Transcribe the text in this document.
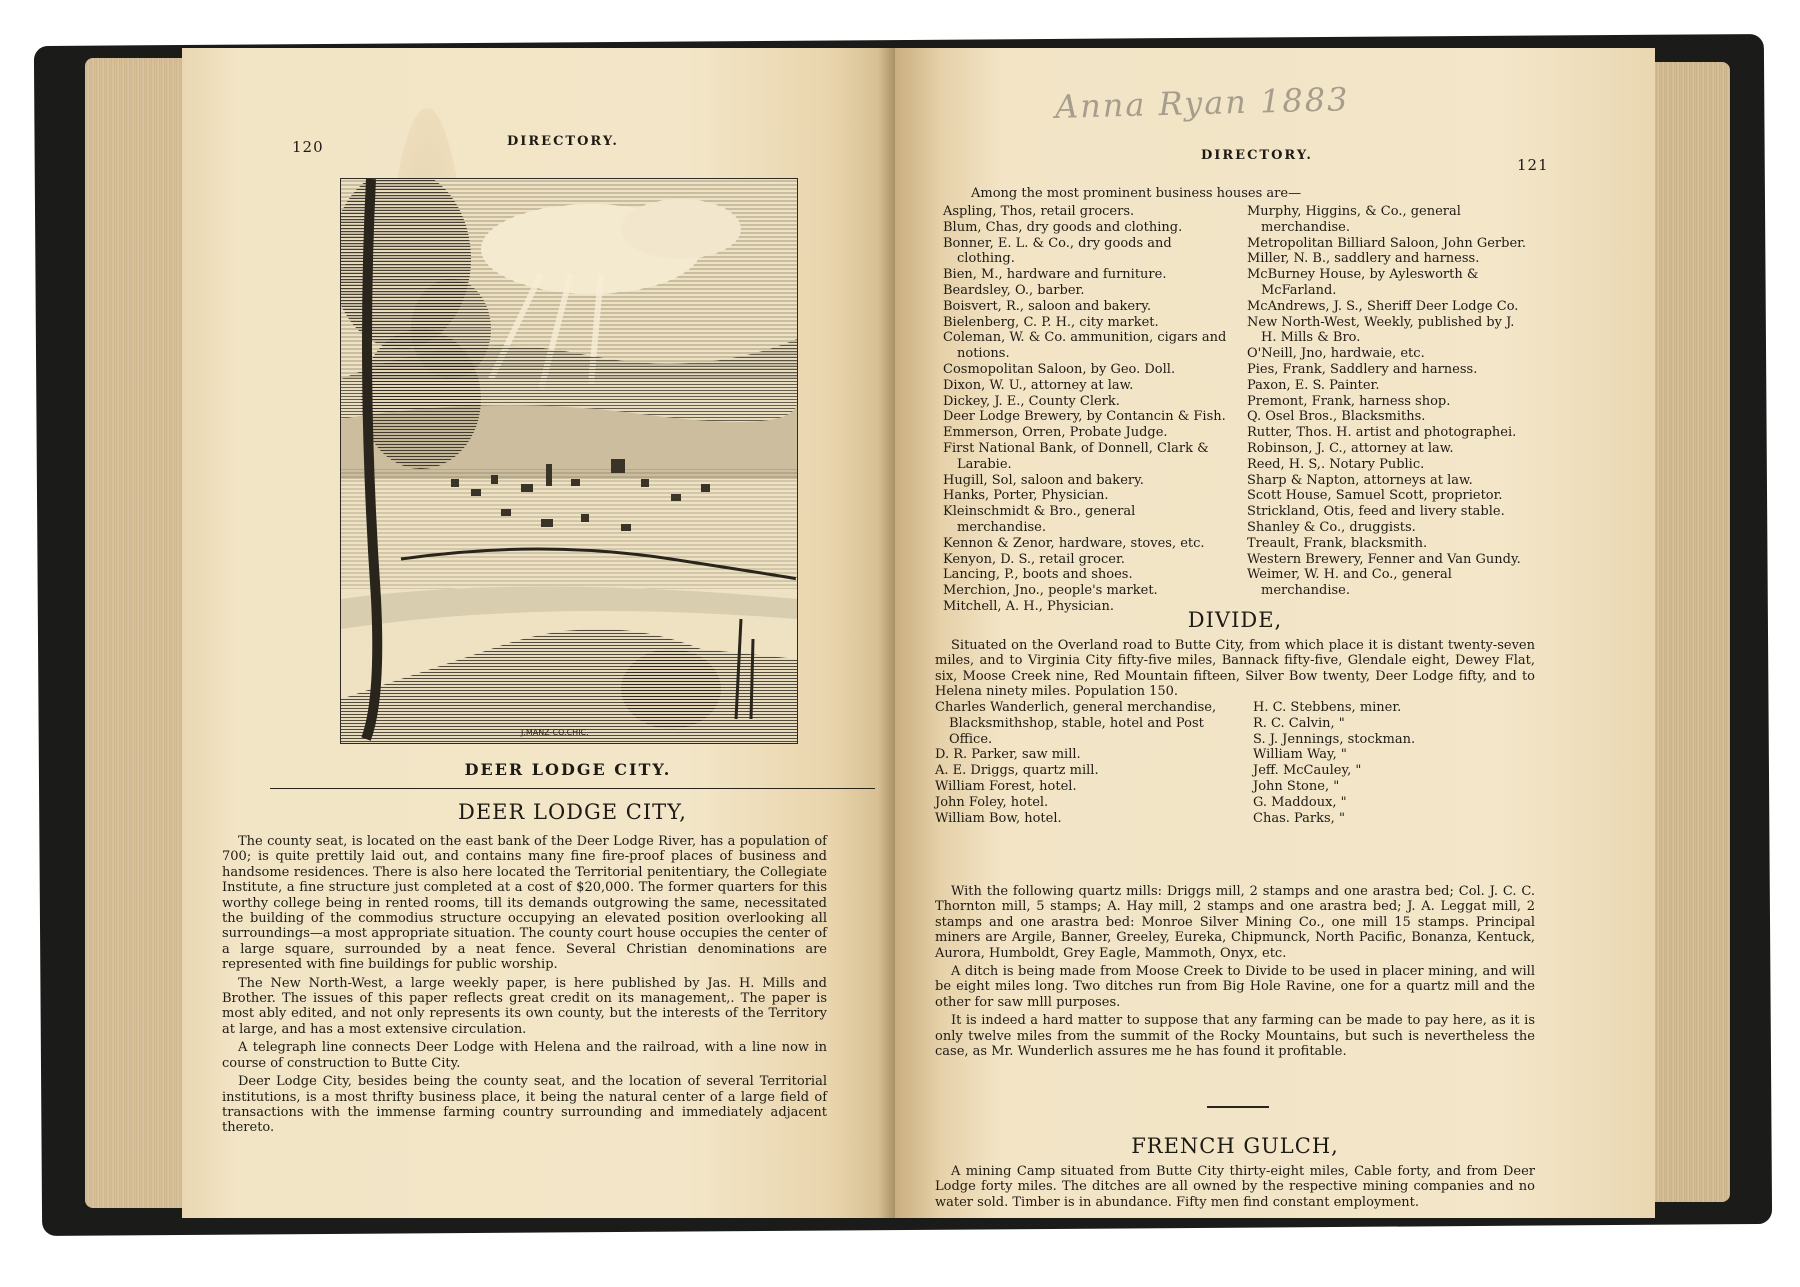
120	DIRECTORY.
J.MANZ-CO.CHIC.
DEER LODGE CITY.
DEER LODGE CITY,

The county seat, is located on the east bank of the Deer Lodge River, has a population of 700; is quite prettily laid out, and contains many fine fire-proof places of business and handsome residences. There is also here located the Territorial penitentiary, the Collegiate Institute, a fine structure just completed at a cost of $20,000. The former quarters for this worthy college being in rented rooms, till its demands outgrowing the same, necessitated the building of the commodius structure occupying an elevated position overlooking all surroundings—a most appropriate situation. The county court house occupies the center of a large square, surrounded by a neat fence. Several Christian denominations are represented with fine buildings for public worship.

The New North-West, a large weekly paper, is here published by Jas. H. Mills and Brother. The issues of this paper reflects great credit on its management,. The paper is most ably edited, and not only represents its own county, but the interests of the Territory at large, and has a most extensive circulation.

A telegraph line connects Deer Lodge with Helena and the railroad, with a line now in course of construction to Butte City.

Deer Lodge City, besides being the county seat, and the location of several Territorial institutions, is a most thrifty business place, it being the natural center of a large field of transactions with the immense farming country surrounding and immediately adjacent thereto.

Anna Ryan 1883
DIRECTORY.
121

Among the most prominent business houses are—

Aspling, Thos, retail grocers.
Blum, Chas, dry goods and clothing.
Bonner, E. L. & Co., dry goods and clothing.
Bien, M., hardware and furniture.
Beardsley, O., barber.
Boisvert, R., saloon and bakery.
Bielenberg, C. P. H., city market.
Coleman, W. & Co. ammunition, cigars and notions.
Cosmopolitan Saloon, by Geo. Doll.
Dixon, W. U., attorney at law.
Dickey, J. E., County Clerk.
Deer Lodge Brewery, by Contancin & Fish.
Emmerson, Orren, Probate Judge.
First National Bank, of Donnell, Clark & Larabie.
Hugill, Sol, saloon and bakery.
Hanks, Porter, Physician.
Kleinschmidt & Bro., general merchandise.
Kennon & Zenor, hardware, stoves, etc.
Kenyon, D. S., retail grocer.
Lancing, P., boots and shoes.
Merchion, Jno., people's market.
Mitchell, A. H., Physician.
Murphy, Higgins, & Co., general merchandise.
Metropolitan Billiard Saloon, John Gerber.
Miller, N. B., saddlery and harness.
McBurney House, by Aylesworth & McFarland.
McAndrews, J. S., Sheriff Deer Lodge Co.
New North-West, Weekly, published by J. H. Mills & Bro.
O'Neill, Jno, hardwaie, etc.
Pies, Frank, Saddlery and harness.
Paxon, E. S. Painter.
Premont, Frank, harness shop.
Q. Osel Bros., Blacksmiths.
Rutter, Thos. H. artist and photographei.
Robinson, J. C., attorney at law.
Reed, H. S,. Notary Public.
Sharp & Napton, attorneys at law.
Scott House, Samuel Scott, proprietor.
Strickland, Otis, feed and livery stable.
Shanley & Co., druggists.
Treault, Frank, blacksmith.
Western Brewery, Fenner and Van Gundy.
Weimer, W. H. and Co., general merchandise.
DIVIDE,

Situated on the Overland road to Butte City, from which place it is distant twenty-seven miles, and to Virginia City fifty-five miles, Bannack fifty-five, Glendale eight, Dewey Flat, six, Moose Creek nine, Red Mountain fifteen, Silver Bow twenty, Deer Lodge fifty, and to Helena ninety miles. Population 150.

Charles Wanderlich, general merchandise, Blacksmithshop, stable, hotel and Post Office.
D. R. Parker, saw mill.
A. E. Driggs, quartz mill.
William Forest, hotel.
John Foley, hotel.
William Bow, hotel.
H. C. Stebbens, miner.
R. C. Calvin, "
S. J. Jennings, stockman.
William Way, "
Jeff. McCauley, "
John Stone, "
G. Maddoux, "
Chas. Parks, "

With the following quartz mills: Driggs mill, 2 stamps and one arastra bed; Col. J. C. C. Thornton mill, 5 stamps; A. Hay mill, 2 stamps and one arastra bed; J. A. Leggat mill, 2 stamps and one arastra bed: Monroe Silver Mining Co., one mill 15 stamps. Principal miners are Argile, Banner, Greeley, Eureka, Chipmunck, North Pacific, Bonanza, Kentuck, Aurora, Humboldt, Grey Eagle, Mammoth, Onyx, etc.

A ditch is being made from Moose Creek to Divide to be used in placer mining, and will be eight miles long. Two ditches run from Big Hole Ravine, one for a quartz mill and the other for saw mlll purposes.

It is indeed a hard matter to suppose that any farming can be made to pay here, as it is only twelve miles from the summit of the Rocky Mountains, but such is nevertheless the case, as Mr. Wunderlich assures me he has found it profitable.

FRENCH GULCH,

A mining Camp situated from Butte City thirty-eight miles, Cable forty, and from Deer Lodge forty miles. The ditches are all owned by the respective mining companies and no water sold. Timber is in abundance. Fifty men find constant employment.
